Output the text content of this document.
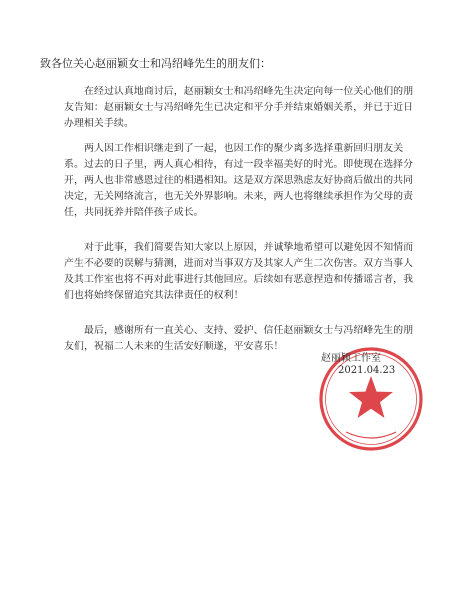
致各位关心赵丽颖女士和冯绍峰先生的朋友们：

在经过认真地商讨后，赵丽颖女士和冯绍峰先生决定向每一位关心他们的朋
友告知：赵丽颖女士与冯绍峰先生已决定和平分手并结束婚姻关系，并已于近日
办理相关手续。

两人因工作相识继走到了一起，也因工作的聚少离多选择重新回归朋友关
系。过去的日子里，两人真心相待，有过一段幸福美好的时光。即使现在选择分
开，两人也非常感恩过往的相遇相知。这是双方深思熟虑友好协商后做出的共同
决定，无关网络流言，也无关外界影响。未来，两人也将继续承担作为父母的责
任，共同抚养并陪伴孩子成长。

对于此事，我们简要告知大家以上原因，并诚挚地希望可以避免因不知情而
产生不必要的误解与猜测，进而对当事双方及其家人产生二次伤害。双方当事人
及其工作室也将不再对此事进行其他回应。后续如有恶意捏造和传播谣言者，我
们也将始终保留追究其法律责任的权利！

最后，感谢所有一直关心、支持、爱护、信任赵丽颖女士与冯绍峰先生的朋
友们，祝福二人未来的生活安好顺遂，平安喜乐！

赵丽颖工作室
2021.04.23
